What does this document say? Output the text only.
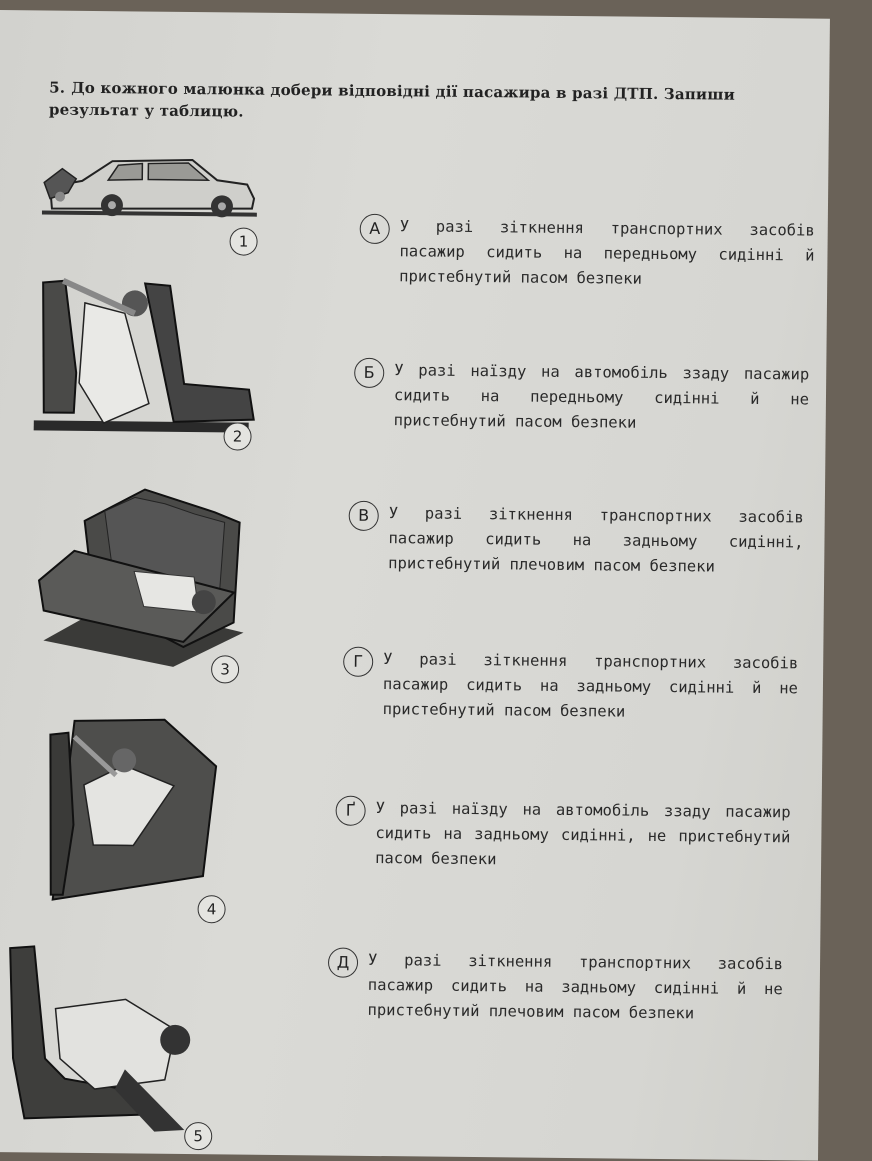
5. До кожного малюнка добери відповідні дії пасажира в разі ДТП. Запиши результат у таблицю.
1
2
3
4
5
А	У разі зіткнення транспортних засобів пасажир сидить на передньому сидінні й пристебнутий пасом безпеки
Б	У разі наїзду на автомобіль ззаду пасажир сидить на передньому сидінні й не пристебнутий пасом безпеки
В	У разі зіткнення транспортних засобів пасажир сидить на задньому сидінні, пристебнутий плечовим пасом безпеки
Г	У разі зіткнення транспортних засобів пасажир сидить на задньому сидінні й не пристебнутий пасом безпеки
Ґ	У разі наїзду на автомобіль ззаду пасажир сидить на задньому сидінні, не пристебнутий пасом безпеки
Д	У разі зіткнення транспортних засобів пасажир сидить на задньому сидінні й не пристебнутий плечовим пасом безпеки
